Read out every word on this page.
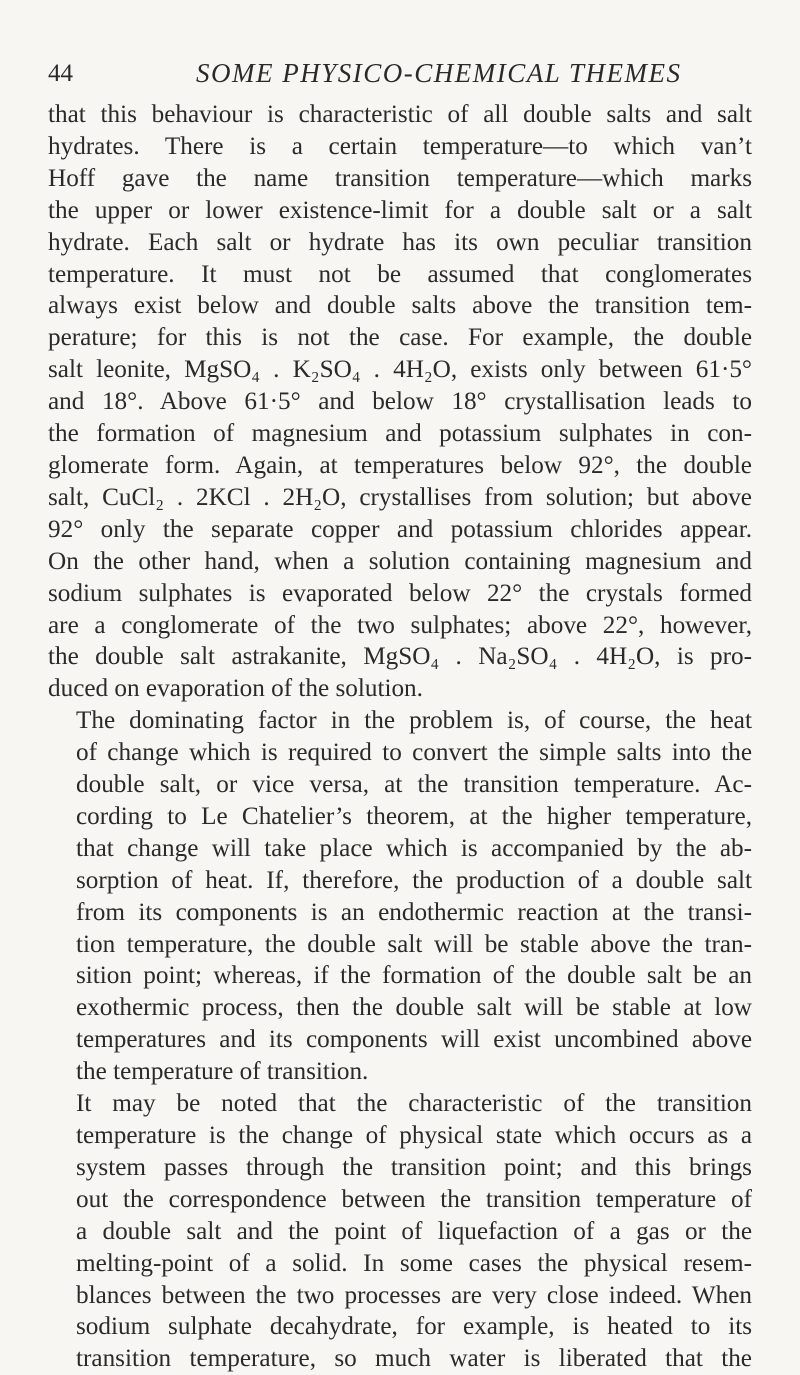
44	SOME PHYSICO-CHEMICAL THEMES

that this behaviour is characteristic of all double salts and salt
hydrates. There is a certain temperature—to which van’t
Hoff gave the name transition temperature—which marks
the upper or lower existence-limit for a double salt or a salt
hydrate. Each salt or hydrate has its own peculiar transition
temperature. It must not be assumed that conglomerates
always exist below and double salts above the transition tem-
perature; for this is not the case. For example, the double
salt leonite, MgSO₄ . K₂SO₄ . 4H₂O, exists only between 61·5°
and 18°. Above 61·5° and below 18° crystallisation leads to
the formation of magnesium and potassium sulphates in con-
glomerate form. Again, at temperatures below 92°, the double
salt, CuCl₂ . 2KCl . 2H₂O, crystallises from solution; but above
92° only the separate copper and potassium chlorides appear.
On the other hand, when a solution containing magnesium and
sodium sulphates is evaporated below 22° the crystals formed
are a conglomerate of the two sulphates; above 22°, however,
the double salt astrakanite, MgSO₄ . Na₂SO₄ . 4H₂O, is pro-
duced on evaporation of the solution.

The dominating factor in the problem is, of course, the heat
of change which is required to convert the simple salts into the
double salt, or vice versa, at the transition temperature. Ac-
cording to Le Chatelier’s theorem, at the higher temperature,
that change will take place which is accompanied by the ab-
sorption of heat. If, therefore, the production of a double salt
from its components is an endothermic reaction at the transi-
tion temperature, the double salt will be stable above the tran-
sition point; whereas, if the formation of the double salt be an
exothermic process, then the double salt will be stable at low
temperatures and its components will exist uncombined above
the temperature of transition.

It may be noted that the characteristic of the transition
temperature is the change of physical state which occurs as a
system passes through the transition point; and this brings
out the correspondence between the transition temperature of
a double salt and the point of liquefaction of a gas or the
melting-point of a solid. In some cases the physical resem-
blances between the two processes are very close indeed. When
sodium sulphate decahydrate, for example, is heated to its
transition temperature, so much water is liberated that the
